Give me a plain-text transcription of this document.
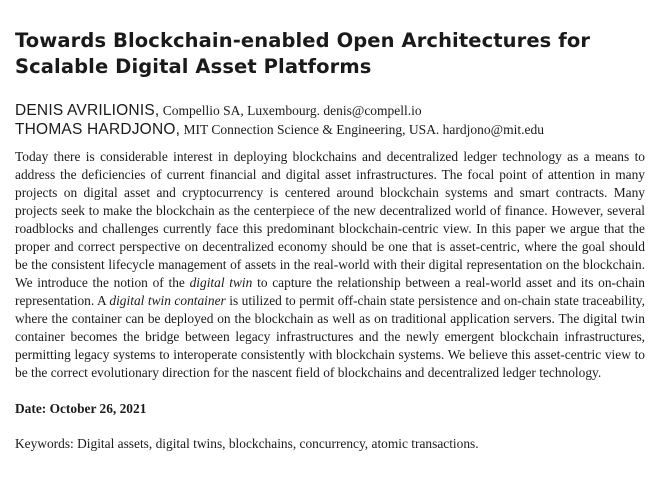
Towards Blockchain-enabled Open Architectures for
Scalable Digital Asset Platforms
DENIS AVRILIONIS, Compellio SA, Luxembourg. denis@compell.io
THOMAS HARDJONO, MIT Connection Science & Engineering, USA. hardjono@mit.edu

Today there is considerable interest in deploying blockchains and decentralized ledger technology as a means to address the deficiencies of current financial and digital asset infrastructures. The focal point of attention in many projects on digital asset and cryptocurrency is centered around blockchain systems and smart contracts. Many projects seek to make the blockchain as the centerpiece of the new decentralized world of finance. However, several roadblocks and challenges currently face this predominant blockchain-centric view. In this paper we argue that the proper and correct perspective on decentralized economy should be one that is asset-centric, where the goal should be the consistent lifecycle management of assets in the real-world with their digital representation on the blockchain. We introduce the notion of the digital twin to capture the relationship between a real-world asset and its on-chain representation. A digital twin container is utilized to permit off-chain state persistence and on-chain state traceability, where the container can be deployed on the blockchain as well as on traditional application servers. The digital twin container becomes the bridge between legacy infrastructures and the newly emergent blockchain infrastructures, permitting legacy systems to interoperate consistently with blockchain systems. We believe this asset-centric view to be the correct evolutionary direction for the nascent field of blockchains and decentralized ledger technology.

Date: October 26, 2021
Keywords: Digital assets, digital twins, blockchains, concurrency, atomic transactions.
